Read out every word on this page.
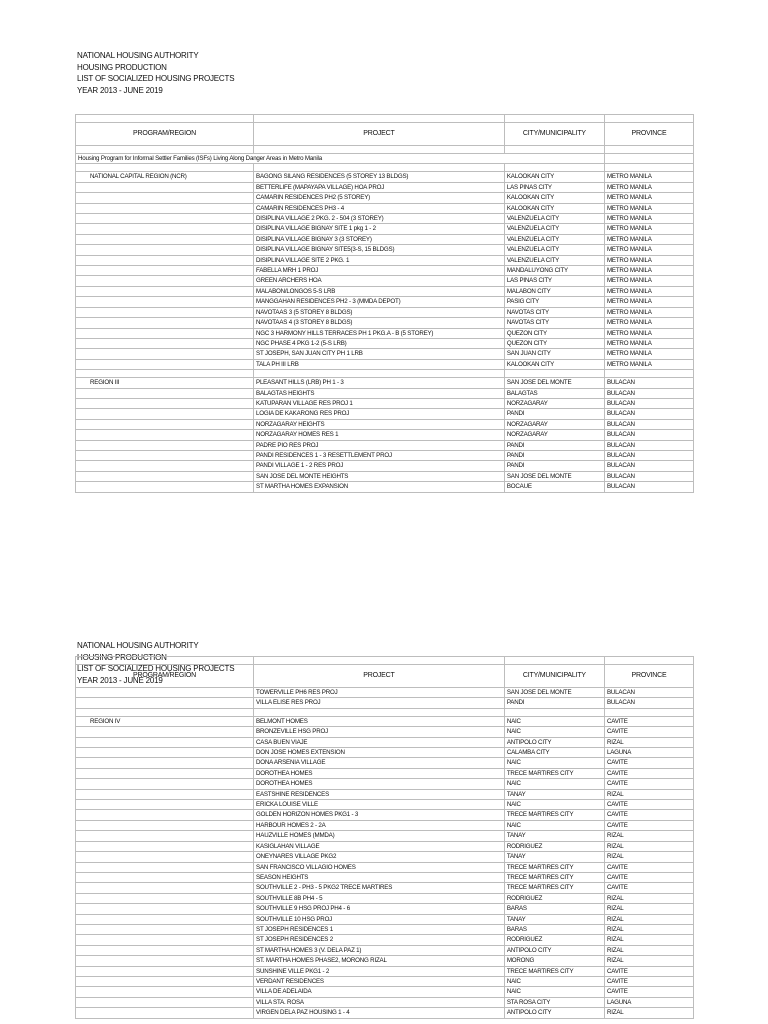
NATIONAL HOUSING AUTHORITY
HOUSING PRODUCTION
LIST OF SOCIALIZED HOUSING PROJECTS
YEAR 2013 - JUNE 2019

PROGRAM/REGION	PROJECT	CITY/MUNICIPALITY	PROVINCE

Housing Program for Informal Settler Families (ISFs) Living Along Danger Areas in Metro Manila			

NATIONAL CAPITAL REGION (NCR)	BAGONG SILANG RESIDENCES (5 STOREY 13 BLDGS)	KALOOKAN CITY	METRO MANILA
	BETTERLIFE (MAPAYAPA VILLAGE) HOA PROJ	LAS PINAS CITY	METRO MANILA
	CAMARIN RESIDENCES PH2 (5 STOREY)	KALOOKAN CITY	METRO MANILA
	CAMARIN RESIDENCES PH3 - 4	KALOOKAN CITY	METRO MANILA
	DISIPLINA VILLAGE 2 PKG. 2 - 504 (3 STOREY)	VALENZUELA CITY	METRO MANILA
	DISIPLINA VILLAGE BIGNAY SITE 1 pkg 1 - 2	VALENZUELA CITY	METRO MANILA
	DISIPLINA VILLAGE BIGNAY 3 (3 STOREY)	VALENZUELA CITY	METRO MANILA
	DISIPLINA VILLAGE BIGNAY SITE5(3-S, 15 BLDGS)	VALENZUELA CITY	METRO MANILA
	DISIPLINA VILLAGE SITE 2 PKG. 1	VALENZUELA CITY	METRO MANILA
	FABELLA MRH 1 PROJ	MANDALUYONG CITY	METRO MANILA
	GREEN ARCHERS HOA	LAS PINAS CITY	METRO MANILA
	MALABON/LONGOS 5-S LRB	MALABON CITY	METRO MANILA
	MANGGAHAN RESIDENCES PH2 - 3 (MMDA DEPOT)	PASIG CITY	METRO MANILA
	NAVOTAAS 3 (5 STOREY 8 BLDGS)	NAVOTAS CITY	METRO MANILA
	NAVOTAAS 4 (3 STOREY 8 BLDGS)	NAVOTAS CITY	METRO MANILA
	NGC 3 HARMONY HILLS TERRACES PH 1 PKG.A - B (5 STOREY)	QUEZON CITY	METRO MANILA
	NGC PHASE 4 PKG 1-2 (5-S LRB)	QUEZON CITY	METRO MANILA
	ST JOSEPH, SAN JUAN CITY PH 1 LRB	SAN JUAN CITY	METRO MANILA
	TALA PH III LRB	KALOOKAN CITY	METRO MANILA

REGION III	PLEASANT HILLS (LRB) PH 1 - 3	SAN JOSE DEL MONTE	BULACAN
	BALAGTAS HEIGHTS	BALAGTAS	BULACAN
	KATUPARAN VILLAGE RES PROJ 1	NORZAGARAY	BULACAN
	LOGIA DE KAKARONG RES PROJ	PANDI	BULACAN
	NORZAGARAY HEIGHTS	NORZAGARAY	BULACAN
	NORZAGARAY HOMES RES 1	NORZAGARAY	BULACAN
	PADRE PIO RES PROJ	PANDI	BULACAN
	PANDI RESIDENCES 1 - 3 RESETTLEMENT PROJ	PANDI	BULACAN
	PANDI VILLAGE 1 - 2 RES PROJ	PANDI	BULACAN
	SAN JOSE DEL MONTE HEIGHTS	SAN JOSE DEL MONTE	BULACAN
	ST MARTHA HOMES EXPANSION	BOCAUE	BULACAN
NATIONAL HOUSING AUTHORITY
HOUSING PRODUCTION
LIST OF SOCIALIZED HOUSING PROJECTS
YEAR 2013 - JUNE 2019

PROGRAM/REGION	PROJECT	CITY/MUNICIPALITY	PROVINCE
	TOWERVILLE PH6 RES PROJ	SAN JOSE DEL MONTE	BULACAN
	VILLA ELISE RES PROJ	PANDI	BULACAN

REGION IV	BELMONT HOMES	NAIC	CAVITE
	BRONZEVILLE HSG PROJ	NAIC	CAVITE
	CASA BUEN VIAJE	ANTIPOLO CITY	RIZAL
	DON JOSE HOMES EXTENSION	CALAMBA CITY	LAGUNA
	DONA ARSENIA VILLAGE	NAIC	CAVITE
	DOROTHEA HOMES	TRECE MARTIRES CITY	CAVITE
	DOROTHEA HOMES	NAIC	CAVITE
	EASTSHINE RESIDENCES	TANAY	RIZAL
	ERICKA LOUISE VILLE	NAIC	CAVITE
	GOLDEN HORIZON HOMES PKG1 - 3	TRECE MARTIRES CITY	CAVITE
	HARBOUR HOMES 2 - 2A	NAIC	CAVITE
	HAUZVILLE HOMES (MMDA)	TANAY	RIZAL
	KASIGLAHAN VILLAGE	RODRIGUEZ	RIZAL
	ONEYNARES VILLAGE PKG2	TANAY	RIZAL
	SAN FRANCISCO VILLAGIO HOMES	TRECE MARTIRES CITY	CAVITE
	SEASON HEIGHTS	TRECE MARTIRES CITY	CAVITE
	SOUTHVILLE 2 - PH3 - 5 PKG2 TRECE MARTIRES	TRECE MARTIRES CITY	CAVITE
	SOUTHVILLE 8B PH4 - 5	RODRIGUEZ	RIZAL
	SOUTHVILLE 9 HSG PROJ PH4 - 6	BARAS	RIZAL
	SOUTHVILLE 10 HSG PROJ	TANAY	RIZAL
	ST JOSEPH RESIDENCES 1	BARAS	RIZAL
	ST JOSEPH RESIDENCES 2	RODRIGUEZ	RIZAL
	ST MARTHA HOMES 3 (V. DELA PAZ 1)	ANTIPOLO CITY	RIZAL
	ST. MARTHA HOMES PHASE2, MORONG RIZAL	MORONG	RIZAL
	SUNSHINE VILLE PKG1 - 2	TRECE MARTIRES CITY	CAVITE
	VERDANT RESIDENCES	NAIC	CAVITE
	VILLA DE ADELAIDA	NAIC	CAVITE
	VILLA STA. ROSA	STA ROSA CITY	LAGUNA
	VIRGEN DELA PAZ HOUSING 1 - 4	ANTIPOLO CITY	RIZAL
